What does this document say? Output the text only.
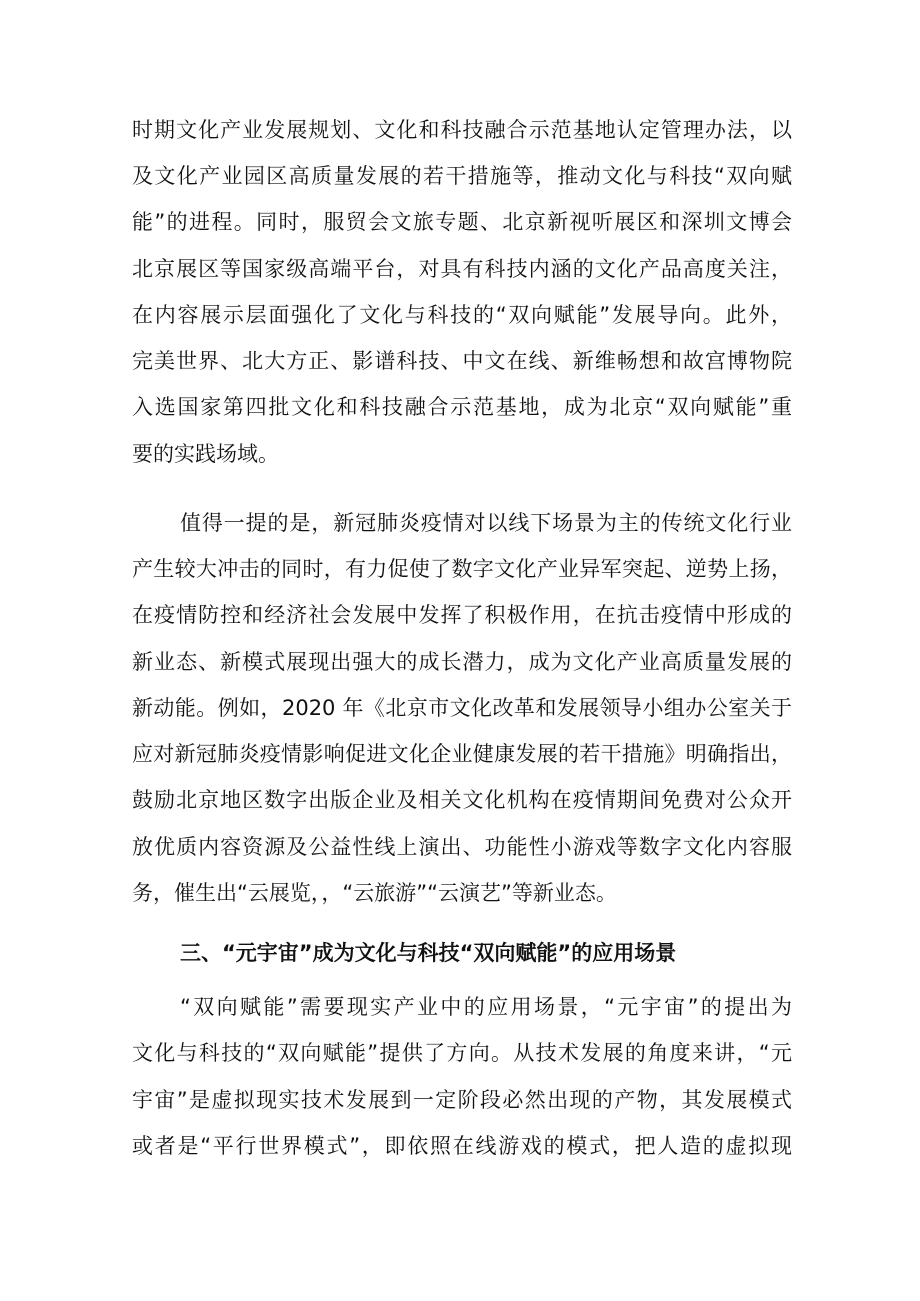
时期文化产业发展规划、文化和科技融合示范基地认定管理办法，以
及文化产业园区高质量发展的若干措施等，推动文化与科技“双向赋
能”的进程。同时，服贸会文旅专题、北京新视听展区和深圳文博会
北京展区等国家级高端平台，对具有科技内涵的文化产品高度关注，
在内容展示层面强化了文化与科技的“双向赋能”发展导向。此外，
完美世界、北大方正、影谱科技、中文在线、新维畅想和故宫博物院
入选国家第四批文化和科技融合示范基地，成为北京“双向赋能”重
要的实践场域。
值得一提的是，新冠肺炎疫情对以线下场景为主的传统文化行业
产生较大冲击的同时，有力促使了数字文化产业异军突起、逆势上扬，
在疫情防控和经济社会发展中发挥了积极作用，在抗击疫情中形成的
新业态、新模式展现出强大的成长潜力，成为文化产业高质量发展的
新动能。例如，2020 年《北京市文化改革和发展领导小组办公室关于
应对新冠肺炎疫情影响促进文化企业健康发展的若干措施》明确指出，
鼓励北京地区数字出版企业及相关文化机构在疫情期间免费对公众开
放优质内容资源及公益性线上演出、功能性小游戏等数字文化内容服
务，催生出“云展览，，“云旅游”“云演艺”等新业态。
三、“元宇宙”成为文化与科技“双向赋能”的应用场景
“双向赋能”需要现实产业中的应用场景，“元宇宙”的提出为
文化与科技的“双向赋能”提供了方向。从技术发展的角度来讲，“元
宇宙”是虚拟现实技术发展到一定阶段必然出现的产物，其发展模式
或者是“平行世界模式”，即依照在线游戏的模式，把人造的虚拟现
